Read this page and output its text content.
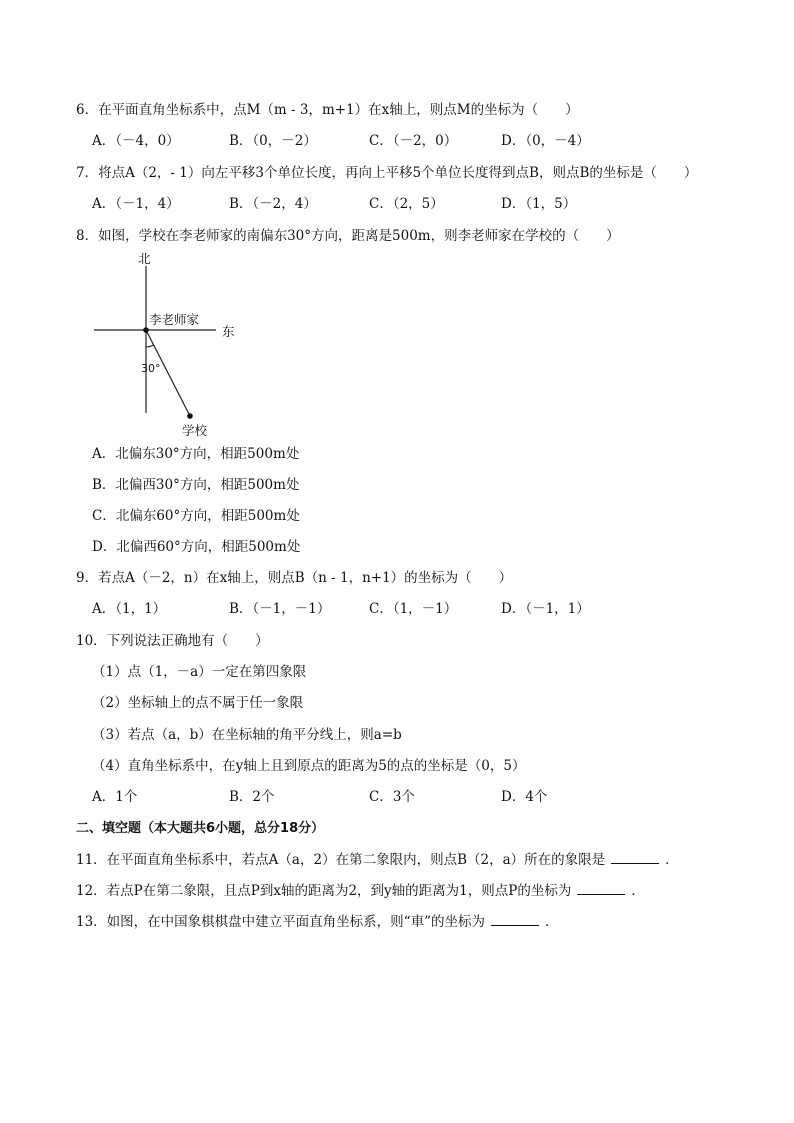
6．在平面直角坐标系中，点M（m - 3，m+1）在x轴上，则点M的坐标为（　　）
A．（－4，0）	B．（0，－2）	C．（－2，0）	D．（0，－4）
7．将点A（2，- 1）向左平移3个单位长度，再向上平移5个单位长度得到点B，则点B的坐标是（　　）
A．（－1，4）	B．（－2，4）	C．（2，5）	D．（1，5）
8．如图，学校在李老师家的南偏东30°方向，距离是500m，则李老师家在学校的（　　）
北
东
李老师家
30°
学校
A．北偏东30°方向，相距500m处
B．北偏西30°方向，相距500m处
C．北偏东60°方向，相距500m处
D．北偏西60°方向，相距500m处
9．若点A（－2，n）在x轴上，则点B（n - 1，n+1）的坐标为（　　）
A．（1，1）	B．（－1，－1）	C．（1，－1）	D．（－1，1）
10．下列说法正确地有（　　）
（1）点（1，－a）一定在第四象限
（2）坐标轴上的点不属于任一象限
（3）若点（a，b）在坐标轴的角平分线上，则a=b
（4）直角坐标系中，在y轴上且到原点的距离为5的点的坐标是（0，5）
A．1个	B．2个	C．3个	D．4个
二、填空题（本大题共6小题，总分18分）
11．在平面直角坐标系中，若点A（a，2）在第二象限内，则点B（2，a）所在的象限是	．
12．若点P在第二象限，且点P到x轴的距离为2，到y轴的距离为1，则点P的坐标为	．
13．如图，在中国象棋棋盘中建立平面直角坐标系，则“車”的坐标为	．
